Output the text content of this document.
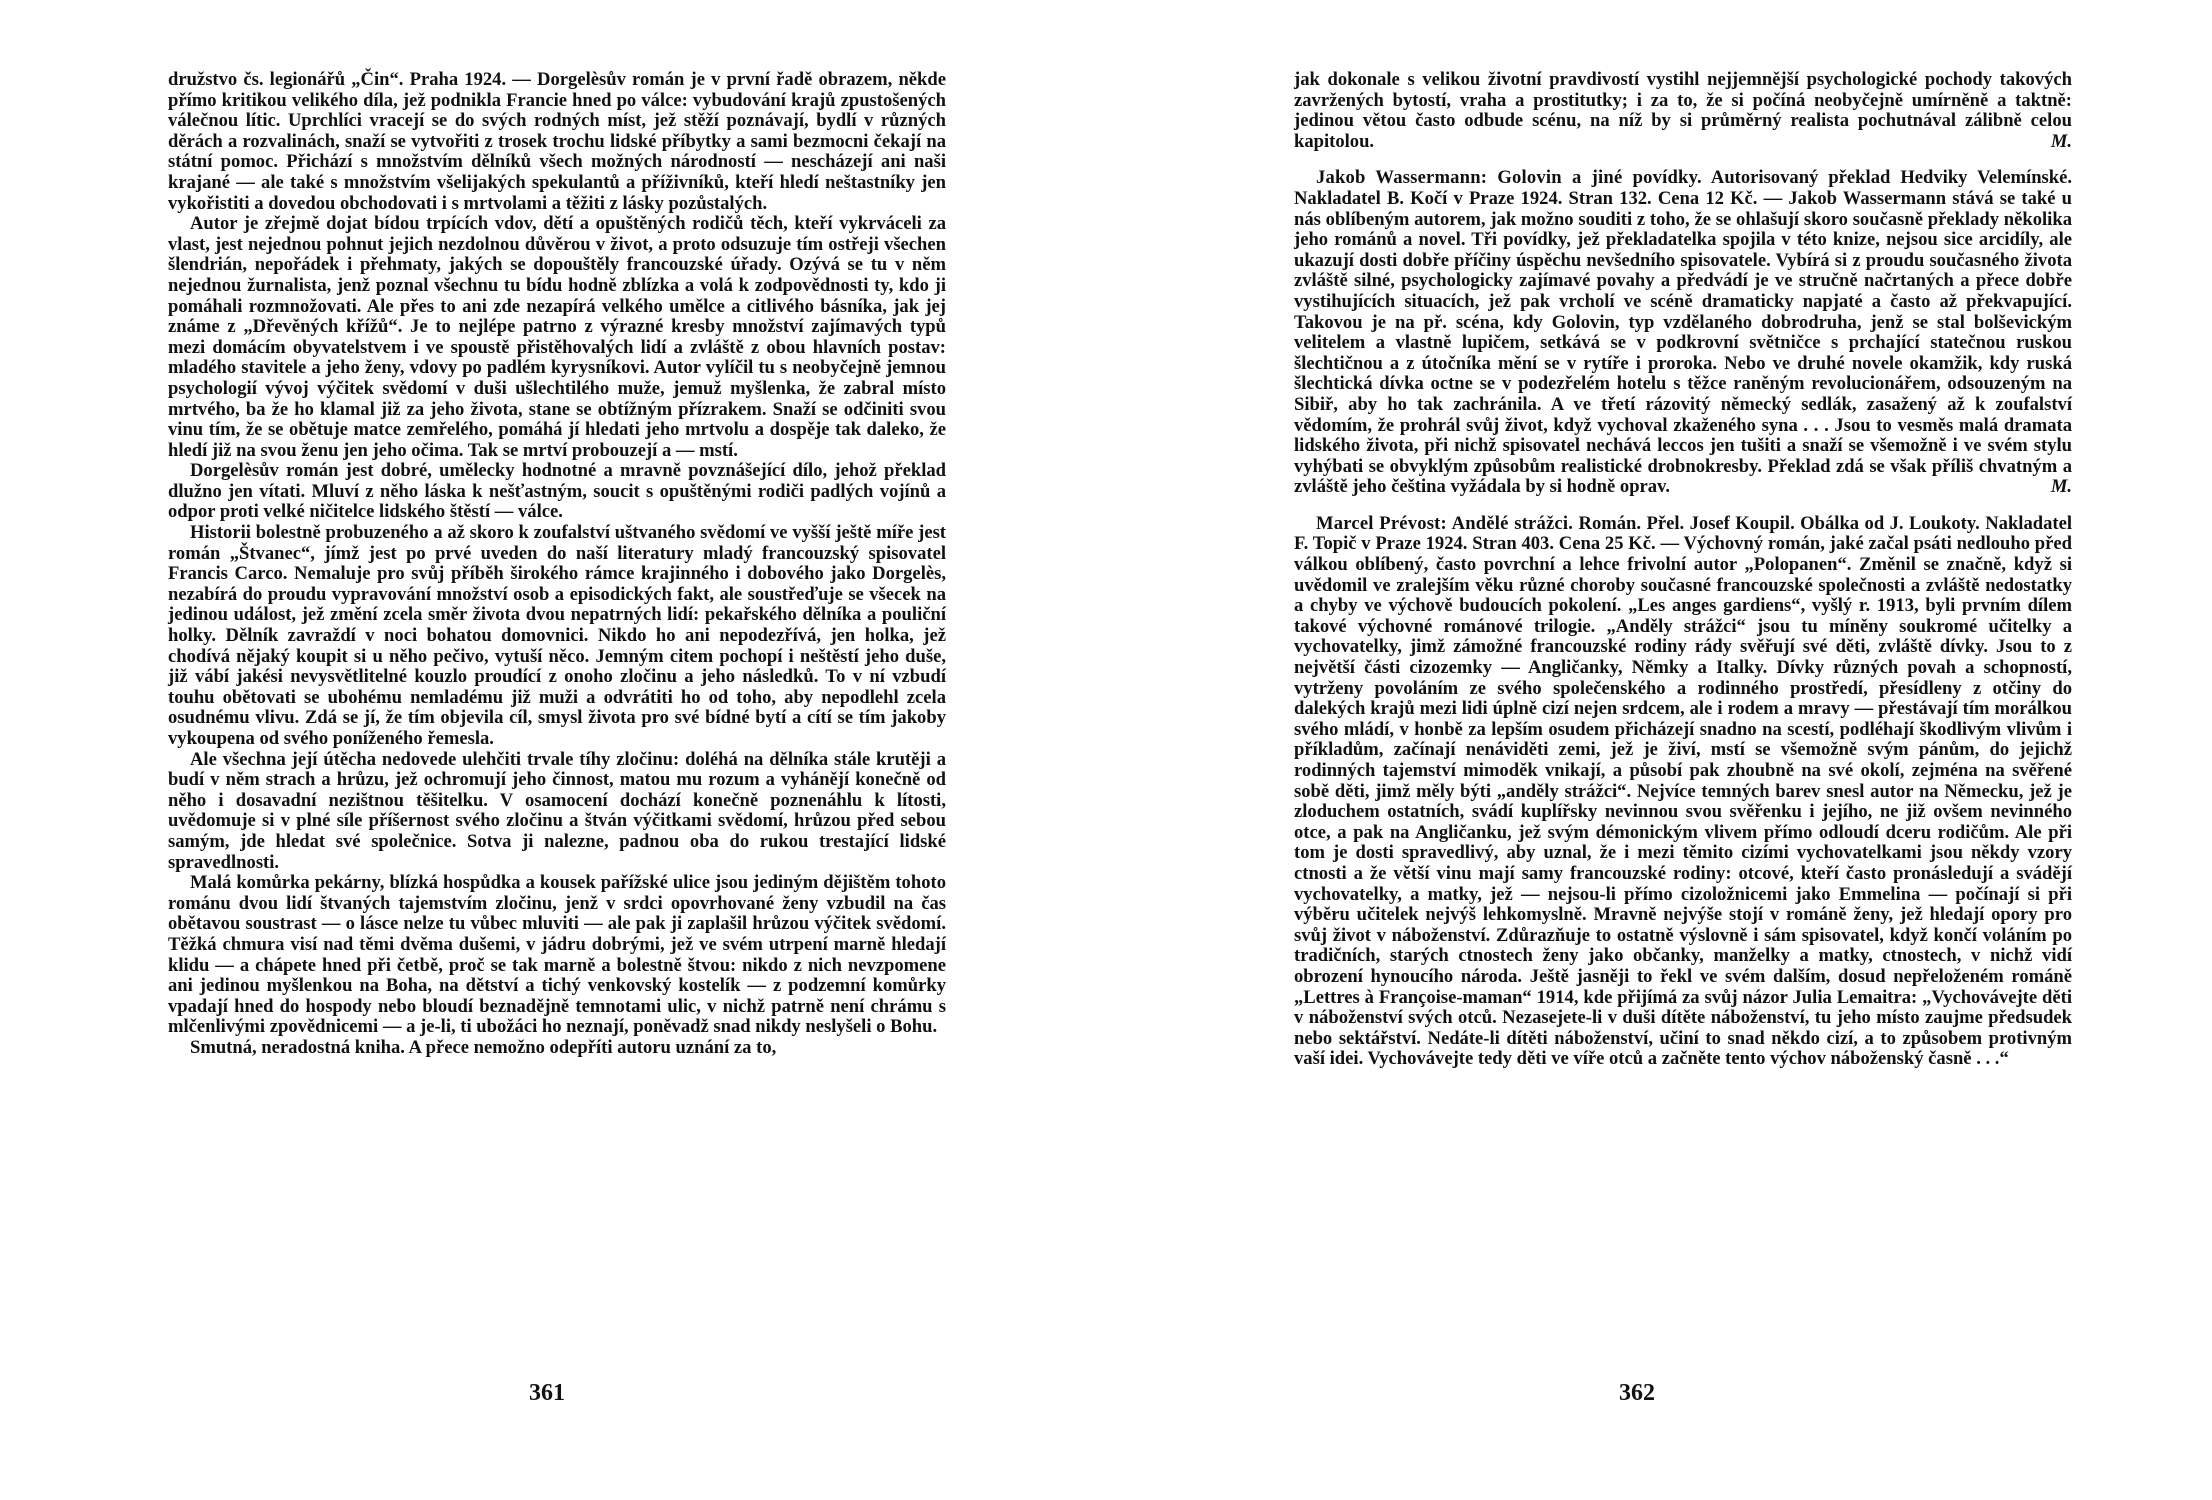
družstvo čs. legionářů „Čin“. Praha 1924. — Dorgelèsův román je v první řadě obrazem, někde přímo kritikou velikého díla, jež podnikla Francie hned po válce: vybudování krajů zpustošených válečnou lític. Uprchlíci vracejí se do svých rodných míst, jež stěží poznávají, bydlí v různých děrách a rozvalinách, snaží se vytvořiti z trosek trochu lidské příbytky a sami bezmocni čekají na státní pomoc. Přichází s množstvím dělníků všech možných národností — nescházejí ani naši krajané — ale také s množstvím všelijakých spekulantů a příživníků, kteří hledí neštastníky jen vykořistiti a dovedou obchodovati i s mrtvolami a těžiti z lásky pozůstalých.

Autor je zřejmě dojat bídou trpících vdov, dětí a opuštěných rodičů těch, kteří vykrváceli za vlast, jest nejednou pohnut jejich nezdolnou důvěrou v život, a proto odsuzuje tím ostřeji všechen šlendrián, nepořádek i přehmaty, jakých se dopouštěly francouzské úřady. Ozývá se tu v něm nejednou žurnalista, jenž poznal všechnu tu bídu hodně zblízka a volá k zodpovědnosti ty, kdo ji pomáhali rozmnožovati. Ale přes to ani zde nezapírá velkého umělce a citlivého básníka, jak jej známe z „Dřevěných křížů“. Je to nejlépe patrno z výrazné kresby množství zajímavých typů mezi domácím obyvatelstvem i ve spoustě přistěhovalých lidí a zvláště z obou hlavních postav: mladého stavitele a jeho ženy, vdovy po padlém kyrysníkovi. Autor vylíčil tu s neobyčejně jemnou psychologií vývoj výčitek svědomí v duši ušlechtilého muže, jemuž myšlenka, že zabral místo mrtvého, ba že ho klamal již za jeho života, stane se obtížným přízrakem. Snaží se odčiniti svou vinu tím, že se obětuje matce zemřelého, pomáhá jí hledati jeho mrtvolu a dospěje tak daleko, že hledí již na svou ženu jen jeho očima. Tak se mrtví probouzejí a — mstí.

Dorgelèsův román jest dobré, umělecky hodnotné a mravně povznášející dílo, jehož překlad dlužno jen vítati. Mluví z něho láska k nešťastným, soucit s opuštěnými rodiči padlých vojínů a odpor proti velké ničitelce lidského štěstí — válce.

Historii bolestně probuzeného a až skoro k zoufalství uštvaného svědomí ve vyšší ještě míře jest román „Štvanec“, jímž jest po prvé uveden do naší literatury mladý francouzský spisovatel Francis Carco. Nemaluje pro svůj příběh širokého rámce krajinného i dobového jako Dorgelès, nezabírá do proudu vypravování množství osob a episodických fakt, ale soustřeďuje se všecek na jedinou událost, jež změní zcela směr života dvou nepatrných lidí: pekařského dělníka a pouliční holky. Dělník zavraždí v noci bohatou domovnici. Nikdo ho ani nepodezřívá, jen holka, jež chodívá nějaký koupit si u něho pečivo, vytuší něco. Jemným citem pochopí i neštěstí jeho duše, již vábí jakési nevysvětlitelné kouzlo proudící z onoho zločinu a jeho následků. To v ní vzbudí touhu obětovati se ubohému nemladému již muži a odvrátiti ho od toho, aby nepodlehl zcela osudnému vlivu. Zdá se jí, že tím objevila cíl, smysl života pro své bídné bytí a cítí se tím jakoby vykoupena od svého poníženého řemesla.

Ale všechna její útěcha nedovede ulehčiti trvale tíhy zločinu: doléhá na dělníka stále krutěji a budí v něm strach a hrůzu, jež ochromují jeho činnost, matou mu rozum a vyhánějí konečně od něho i dosavadní nezištnou těšitelku. V osamocení dochází konečně poznenáhlu k lítosti, uvědomuje si v plné síle příšernost svého zločinu a štván výčitkami svědomí, hrůzou před sebou samým, jde hledat své společnice. Sotva ji nalezne, padnou oba do rukou trestající lidské spravedlnosti.

Malá komůrka pekárny, blízká hospůdka a kousek pařížské ulice jsou jediným dějištěm tohoto románu dvou lidí štvaných tajemstvím zločinu, jenž v srdci opovrhované ženy vzbudil na čas obětavou soustrast — o lásce nelze tu vůbec mluviti — ale pak ji zaplašil hrůzou výčitek svědomí. Těžká chmura visí nad těmi dvěma dušemi, v jádru dobrými, jež ve svém utrpení marně hledají klidu — a chápete hned při četbě, proč se tak marně a bolestně štvou: nikdo z nich nevzpomene ani jedinou myšlenkou na Boha, na dětství a tichý venkovský kostelík — z podzemní komůrky vpadají hned do hospody nebo bloudí beznadějně temnotami ulic, v nichž patrně není chrámu s mlčenlivými zpovědnicemi — a je-li, ti ubožáci ho neznají, poněvadž snad nikdy neslyšeli o Bohu.

Smutná, neradostná kniha. A přece nemožno odepříti autoru uznání za to,

361

jak dokonale s velikou životní pravdivostí vystihl nejjemnější psychologické pochody takových zavržených bytostí, vraha a prostitutky; i za to, že si počíná neobyčejně umírněně a taktně: jedinou větou často odbude scénu, na níž by si průměrný realista pochutnával zálibně celou kapitolou.	M.

Jakob Wassermann: Golovin a jiné povídky. Autorisovaný překlad Hedviky Velemínské. Nakladatel B. Kočí v Praze 1924. Stran 132. Cena 12 Kč. — Jakob Wassermann stává se také u nás oblíbeným autorem, jak možno souditi z toho, že se ohlašují skoro současně překlady několika jeho románů a novel. Tři povídky, jež překladatelka spojila v této knize, nejsou sice arcidíly, ale ukazují dosti dobře příčiny úspěchu nevšedního spisovatele. Vybírá si z proudu současného života zvláště silné, psychologicky zajímavé povahy a předvádí je ve stručně načrtaných a přece dobře vystihujících situacích, jež pak vrcholí ve scéně dramaticky napjaté a často až překvapující. Takovou je na př. scéna, kdy Golovin, typ vzdělaného dobrodruha, jenž se stal bolševickým velitelem a vlastně lupičem, setkává se v podkrovní světničce s prchající statečnou ruskou šlechtičnou a z útočníka mění se v rytíře i proroka. Nebo ve druhé novele okamžik, kdy ruská šlechtická dívka octne se v podezřelém hotelu s těžce raněným revolucionářem, odsouzeným na Sibiř, aby ho tak zachránila. A ve třetí rázovitý německý sedlák, zasažený až k zoufalství vědomím, že prohrál svůj život, když vychoval zkaženého syna . . . Jsou to vesměs malá dramata lidského života, při nichž spisovatel nechává leccos jen tušiti a snaží se všemožně i ve svém stylu vyhýbati se obvyklým způsobům realistické drobnokresby. Překlad zdá se však příliš chvatným a zvláště jeho čeština vyžádala by si hodně oprav.	M.

Marcel Prévost: Andělé strážci. Román. Přel. Josef Koupil. Obálka od J. Loukoty. Nakladatel F. Topič v Praze 1924. Stran 403. Cena 25 Kč. — Výchovný román, jaké začal psáti nedlouho před válkou oblíbený, často povrchní a lehce frivolní autor „Polopanen“. Změnil se značně, když si uvědomil ve zralejším věku různé choroby současné francouzské společnosti a zvláště nedostatky a chyby ve výchově budoucích pokolení. „Les anges gardiens“, vyšlý r. 1913, byli prvním dílem takové výchovné románové trilogie. „Anděly strážci“ jsou tu míněny soukromé učitelky a vychovatelky, jimž zámožné francouzské rodiny rády svěřují své děti, zvláště dívky. Jsou to z největší části cizozemky — Angličanky, Němky a Italky. Dívky různých povah a schopností, vytrženy povoláním ze svého společenského a rodinného prostředí, přesídleny z otčiny do dalekých krajů mezi lidi úplně cizí nejen srdcem, ale i rodem a mravy — přestávají tím morálkou svého mládí, v honbě za lepším osudem přicházejí snadno na scestí, podléhají škodlivým vlivům i příkladům, začínají nenáviděti zemi, jež je živí, mstí se všemožně svým pánům, do jejichž rodinných tajemství mimoděk vnikají, a působí pak zhoubně na své okolí, zejména na svěřené sobě děti, jimž měly býti „anděly strážci“. Nejvíce temných barev snesl autor na Německu, jež je zloduchem ostatních, svádí kuplířsky nevinnou svou svěřenku i jejího, ne již ovšem nevinného otce, a pak na Angličanku, jež svým démonickým vlivem přímo odloudí dceru rodičům. Ale při tom je dosti spravedlivý, aby uznal, že i mezi těmito cizími vychovatelkami jsou někdy vzory ctnosti a že větší vinu mají samy francouzské rodiny: otcové, kteří často pronásledují a svádějí vychovatelky, a matky, jež — nejsou-li přímo cizoložnicemi jako Emmelina — počínají si při výběru učitelek nejvýš lehkomyslně. Mravně nejvýše stojí v románě ženy, jež hledají opory pro svůj život v náboženství. Zdůrazňuje to ostatně výslovně i sám spisovatel, když končí voláním po tradičních, starých ctnostech ženy jako občanky, manželky a matky, ctnostech, v nichž vidí obrození hynoucího národa. Ještě jasněji to řekl ve svém dalším, dosud nepřeloženém románě „Lettres à Françoise-maman“ 1914, kde přijímá za svůj názor Julia Lemaitra: „Vychovávejte děti v náboženství svých otců. Nezasejete-li v duši dítěte náboženství, tu jeho místo zaujme předsudek nebo sektářství. Nedáte-li dítěti náboženství, učiní to snad někdo cizí, a to způsobem protivným vaší idei. Vychovávejte tedy děti ve víře otců a začněte tento výchov náboženský časně . . .“

362
